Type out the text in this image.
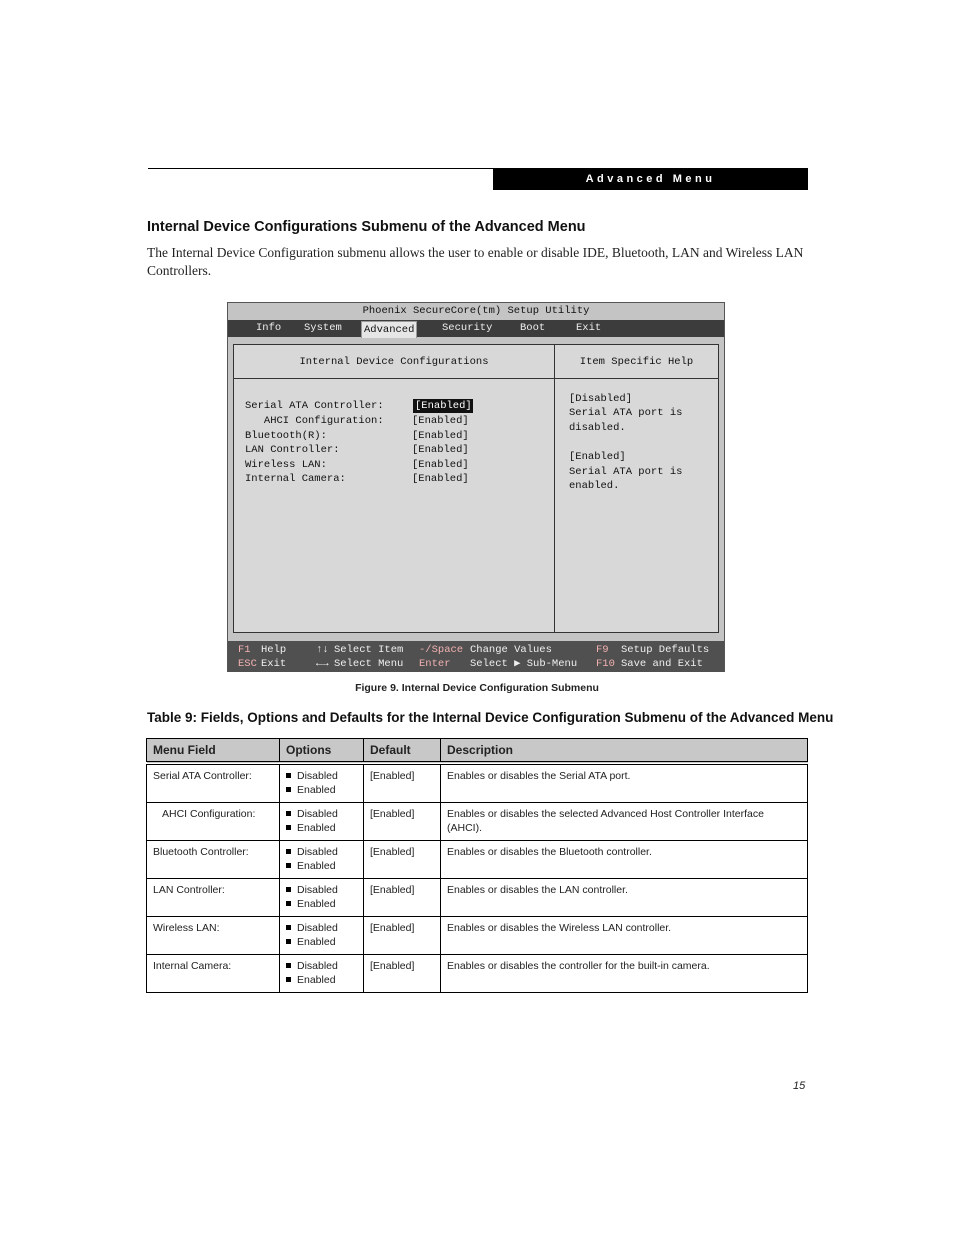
Advanced Menu
Internal Device Configurations Submenu of the Advanced Menu
The Internal Device Configuration submenu allows the user to enable or disable IDE, Bluetooth, LAN and Wireless LAN Controllers.
Phoenix SecureCore(tm) Setup Utility
Info System Advanced	Security	Boot	Exit
Internal Device Configurations
Serial ATA Controller:	[Enabled]
AHCI Configuration:	[Enabled]
Bluetooth(R):	[Enabled]
LAN Controller:	[Enabled]
Wireless LAN:	[Enabled]
Internal Camera:	[Enabled]
Item Specific Help
[Disabled]
Serial ATA port is
disabled.
[Enabled]
Serial ATA port is
enabled.
F1 Help
ESC Exit
↑↓ Select Item
←→ Select Menu
-/Space Change Values
Enter Select ▶ Sub-Menu
F9 Setup Defaults
F10 Save and Exit
Figure 9. Internal Device Configuration Submenu
Table 9: Fields, Options and Defaults for the Internal Device Configuration Submenu of the Advanced Menu
Menu Field	Options	Default	Description
Serial ATA Controller:	Disabled
Enabled	[Enabled]	Enables or disables the Serial ATA port.
AHCI Configuration:	Disabled
Enabled	[Enabled]	Enables or disables the selected Advanced Host Controller Interface (AHCI).
Bluetooth Controller:	Disabled
Enabled	[Enabled]	Enables or disables the Bluetooth controller.
LAN Controller:	Disabled
Enabled	[Enabled]	Enables or disables the LAN controller.
Wireless LAN:	Disabled
Enabled	[Enabled]	Enables or disables the Wireless LAN controller.
Internal Camera:	Disabled
Enabled	[Enabled]	Enables or disables the controller for the built-in camera.
15
